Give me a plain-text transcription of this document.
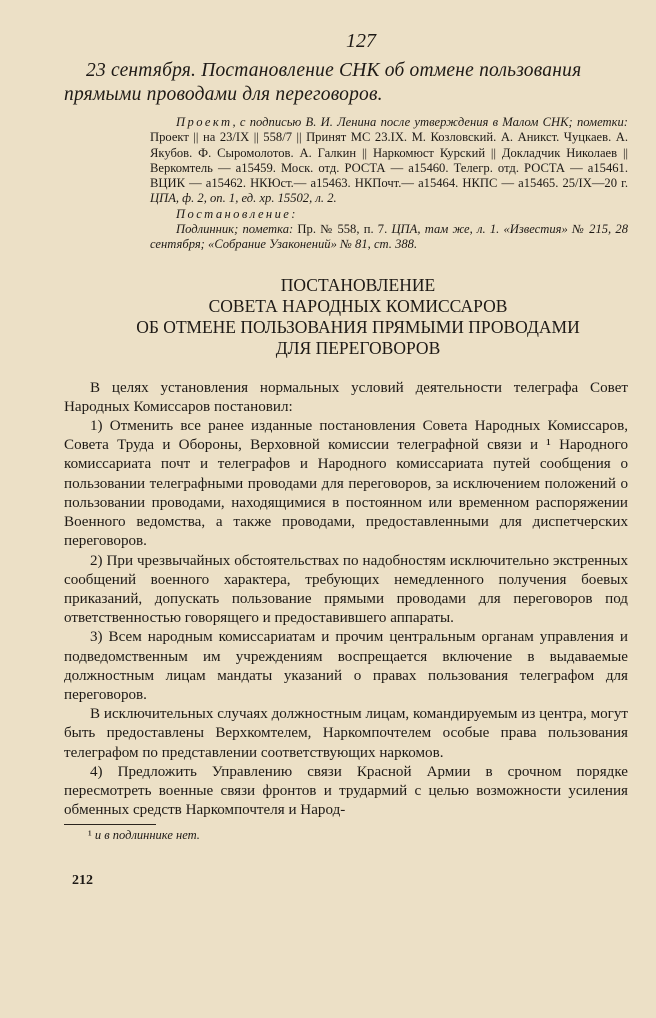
127

23 сентября. Постановление СНК об отмене пользования прямыми проводами для переговоров.

Проект, с подписью В. И. Ленина после утверждения в Малом СНК; пометки: Проект || на 23/IX || 558/7 || Принят МС 23.IX. М. Козловский. А. Аникст. Чуцкаев. А. Якубов. Ф. Сыромолотов. А. Галкин || Наркомюст Курский || Докладчик Николаев || Веркомтель — а15459. Моск. отд. РОСТА — а15460. Телегр. отд. РОСТА — а15461. ВЦИК — а15462. НКЮст.— а15463. НКПочт.— а15464. НКПС — а15465. 25/IX—20 г. ЦПА, ф. 2, оп. 1, ед. хр. 15502, л. 2.

Постановление:

Подлинник; пометка: Пр. № 558, п. 7. ЦПА, там же, л. 1. «Известия» № 215, 28 сентября; «Собрание Узаконений» № 81, ст. 388.

ПОСТАНОВЛЕНИЕ
СОВЕТА НАРОДНЫХ КОМИССАРОВ
ОБ ОТМЕНЕ ПОЛЬЗОВАНИЯ ПРЯМЫМИ ПРОВОДАМИ
ДЛЯ ПЕРЕГОВОРОВ

В целях установления нормальных условий деятельности телеграфа Совет Народных Комиссаров постановил:

1) Отменить все ранее изданные постановления Совета Народных Комиссаров, Совета Труда и Обороны, Верховной комиссии телеграфной связи и ¹ Народного комиссариата почт и телеграфов и Народного комиссариата путей сообщения о пользовании телеграфными проводами для переговоров, за исключением положений о пользовании проводами, находящимися в постоянном или временном распоряжении Военного ведомства, а также проводами, предоставленными для диспетчерских переговоров.

2) При чрезвычайных обстоятельствах по надобностям исключительно экстренных сообщений военного характера, требующих немедленного получения боевых приказаний, допускать пользование прямыми проводами для переговоров под ответственностью говорящего и предоставившего аппараты.

3) Всем народным комиссариатам и прочим центральным органам управления и подведомственным им учреждениям воспрещается включение в выдаваемые должностным лицам мандаты указаний о правах пользования телеграфом для переговоров.

В исключительных случаях должностным лицам, командируемым из центра, могут быть предоставлены Верхкомтелем, Наркомпочтелем особые права пользования телеграфом по представлении соответствующих наркомов.

4) Предложить Управлению связи Красной Армии в срочном порядке пересмотреть военные связи фронтов и трудармий с целью возможности усиления обменных средств Наркомпочтеля и Народ-

¹ и в подлиннике нет.
212
